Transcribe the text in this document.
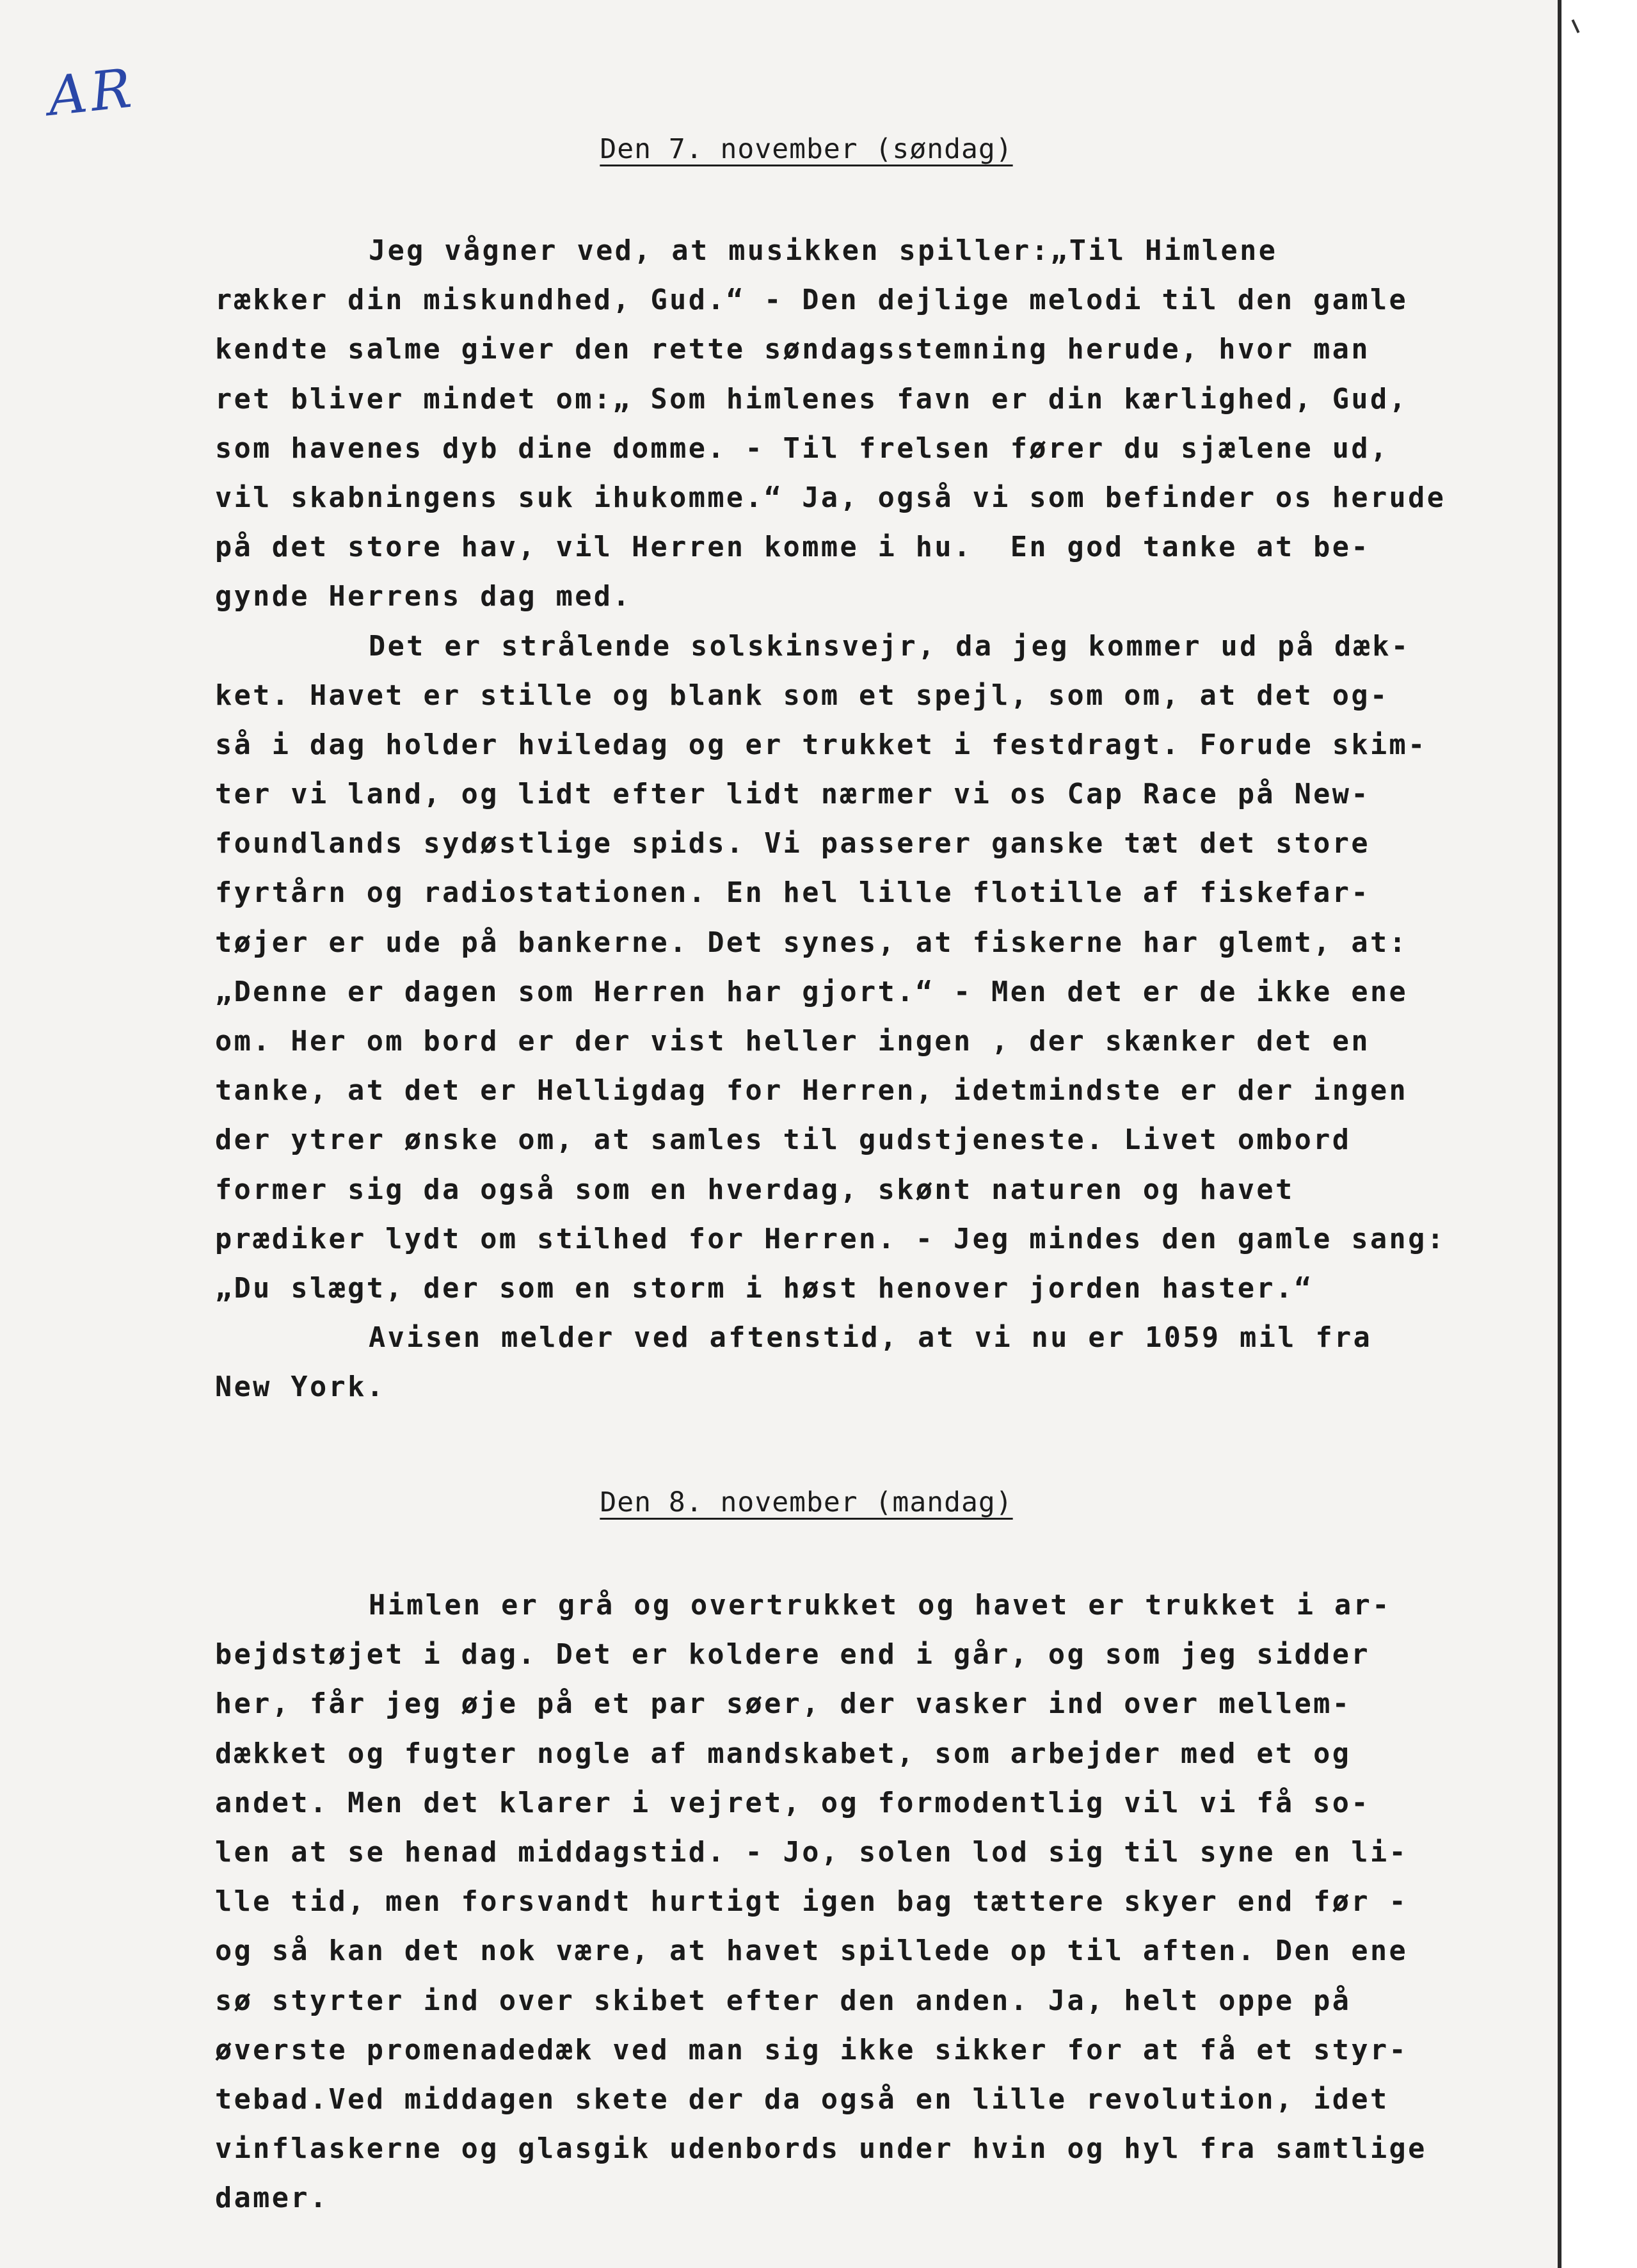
AR
Den 7. november (søndag)
Jeg vågner ved, at musikken spiller:„Til Himlene
rækker din miskundhed, Gud.“ - Den dejlige melodi til den gamle
kendte salme giver den rette søndagsstemning herude, hvor man
ret bliver mindet om:„ Som himlenes favn er din kærlighed, Gud,
som havenes dyb dine domme. - Til frelsen fører du sjælene ud,
vil skabningens suk ihukomme.“ Ja, også vi som befinder os herude
på det store hav, vil Herren komme i hu.  En god tanke at be-
gynde Herrens dag med.
Det er strålende solskinsvejr, da jeg kommer ud på dæk-
ket. Havet er stille og blank som et spejl, som om, at det og-
så i dag holder hviledag og er trukket i festdragt. Forude skim-
ter vi land, og lidt efter lidt nærmer vi os Cap Race på New-
foundlands sydøstlige spids. Vi passerer ganske tæt det store
fyrtårn og radiostationen. En hel lille flotille af fiskefar-
tøjer er ude på bankerne. Det synes, at fiskerne har glemt, at:
„Denne er dagen som Herren har gjort.“ - Men det er de ikke ene
om. Her om bord er der vist heller ingen , der skænker det en
tanke, at det er Helligdag for Herren, idetmindste er der ingen
der ytrer ønske om, at samles til gudstjeneste. Livet ombord
former sig da også som en hverdag, skønt naturen og havet
prædiker lydt om stilhed for Herren. - Jeg mindes den gamle sang:
„Du slægt, der som en storm i høst henover jorden haster.“
Avisen melder ved aftenstid, at vi nu er 1059 mil fra
New York.
Den 8. november (mandag)
Himlen er grå og overtrukket og havet er trukket i ar-
bejdstøjet i dag. Det er koldere end i går, og som jeg sidder
her, får jeg øje på et par søer, der vasker ind over mellem-
dækket og fugter nogle af mandskabet, som arbejder med et og
andet. Men det klarer i vejret, og formodentlig vil vi få so-
len at se henad middagstid. - Jo, solen lod sig til syne en li-
lle tid, men forsvandt hurtigt igen bag tættere skyer end før -
og så kan det nok være, at havet spillede op til aften. Den ene
sø styrter ind over skibet efter den anden. Ja, helt oppe på
øverste promenadedæk ved man sig ikke sikker for at få et styr-
tebad.Ved middagen skete der da også en lille revolution, idet
vinflaskerne og glasgik udenbords under hvin og hyl fra samtlige
damer.
